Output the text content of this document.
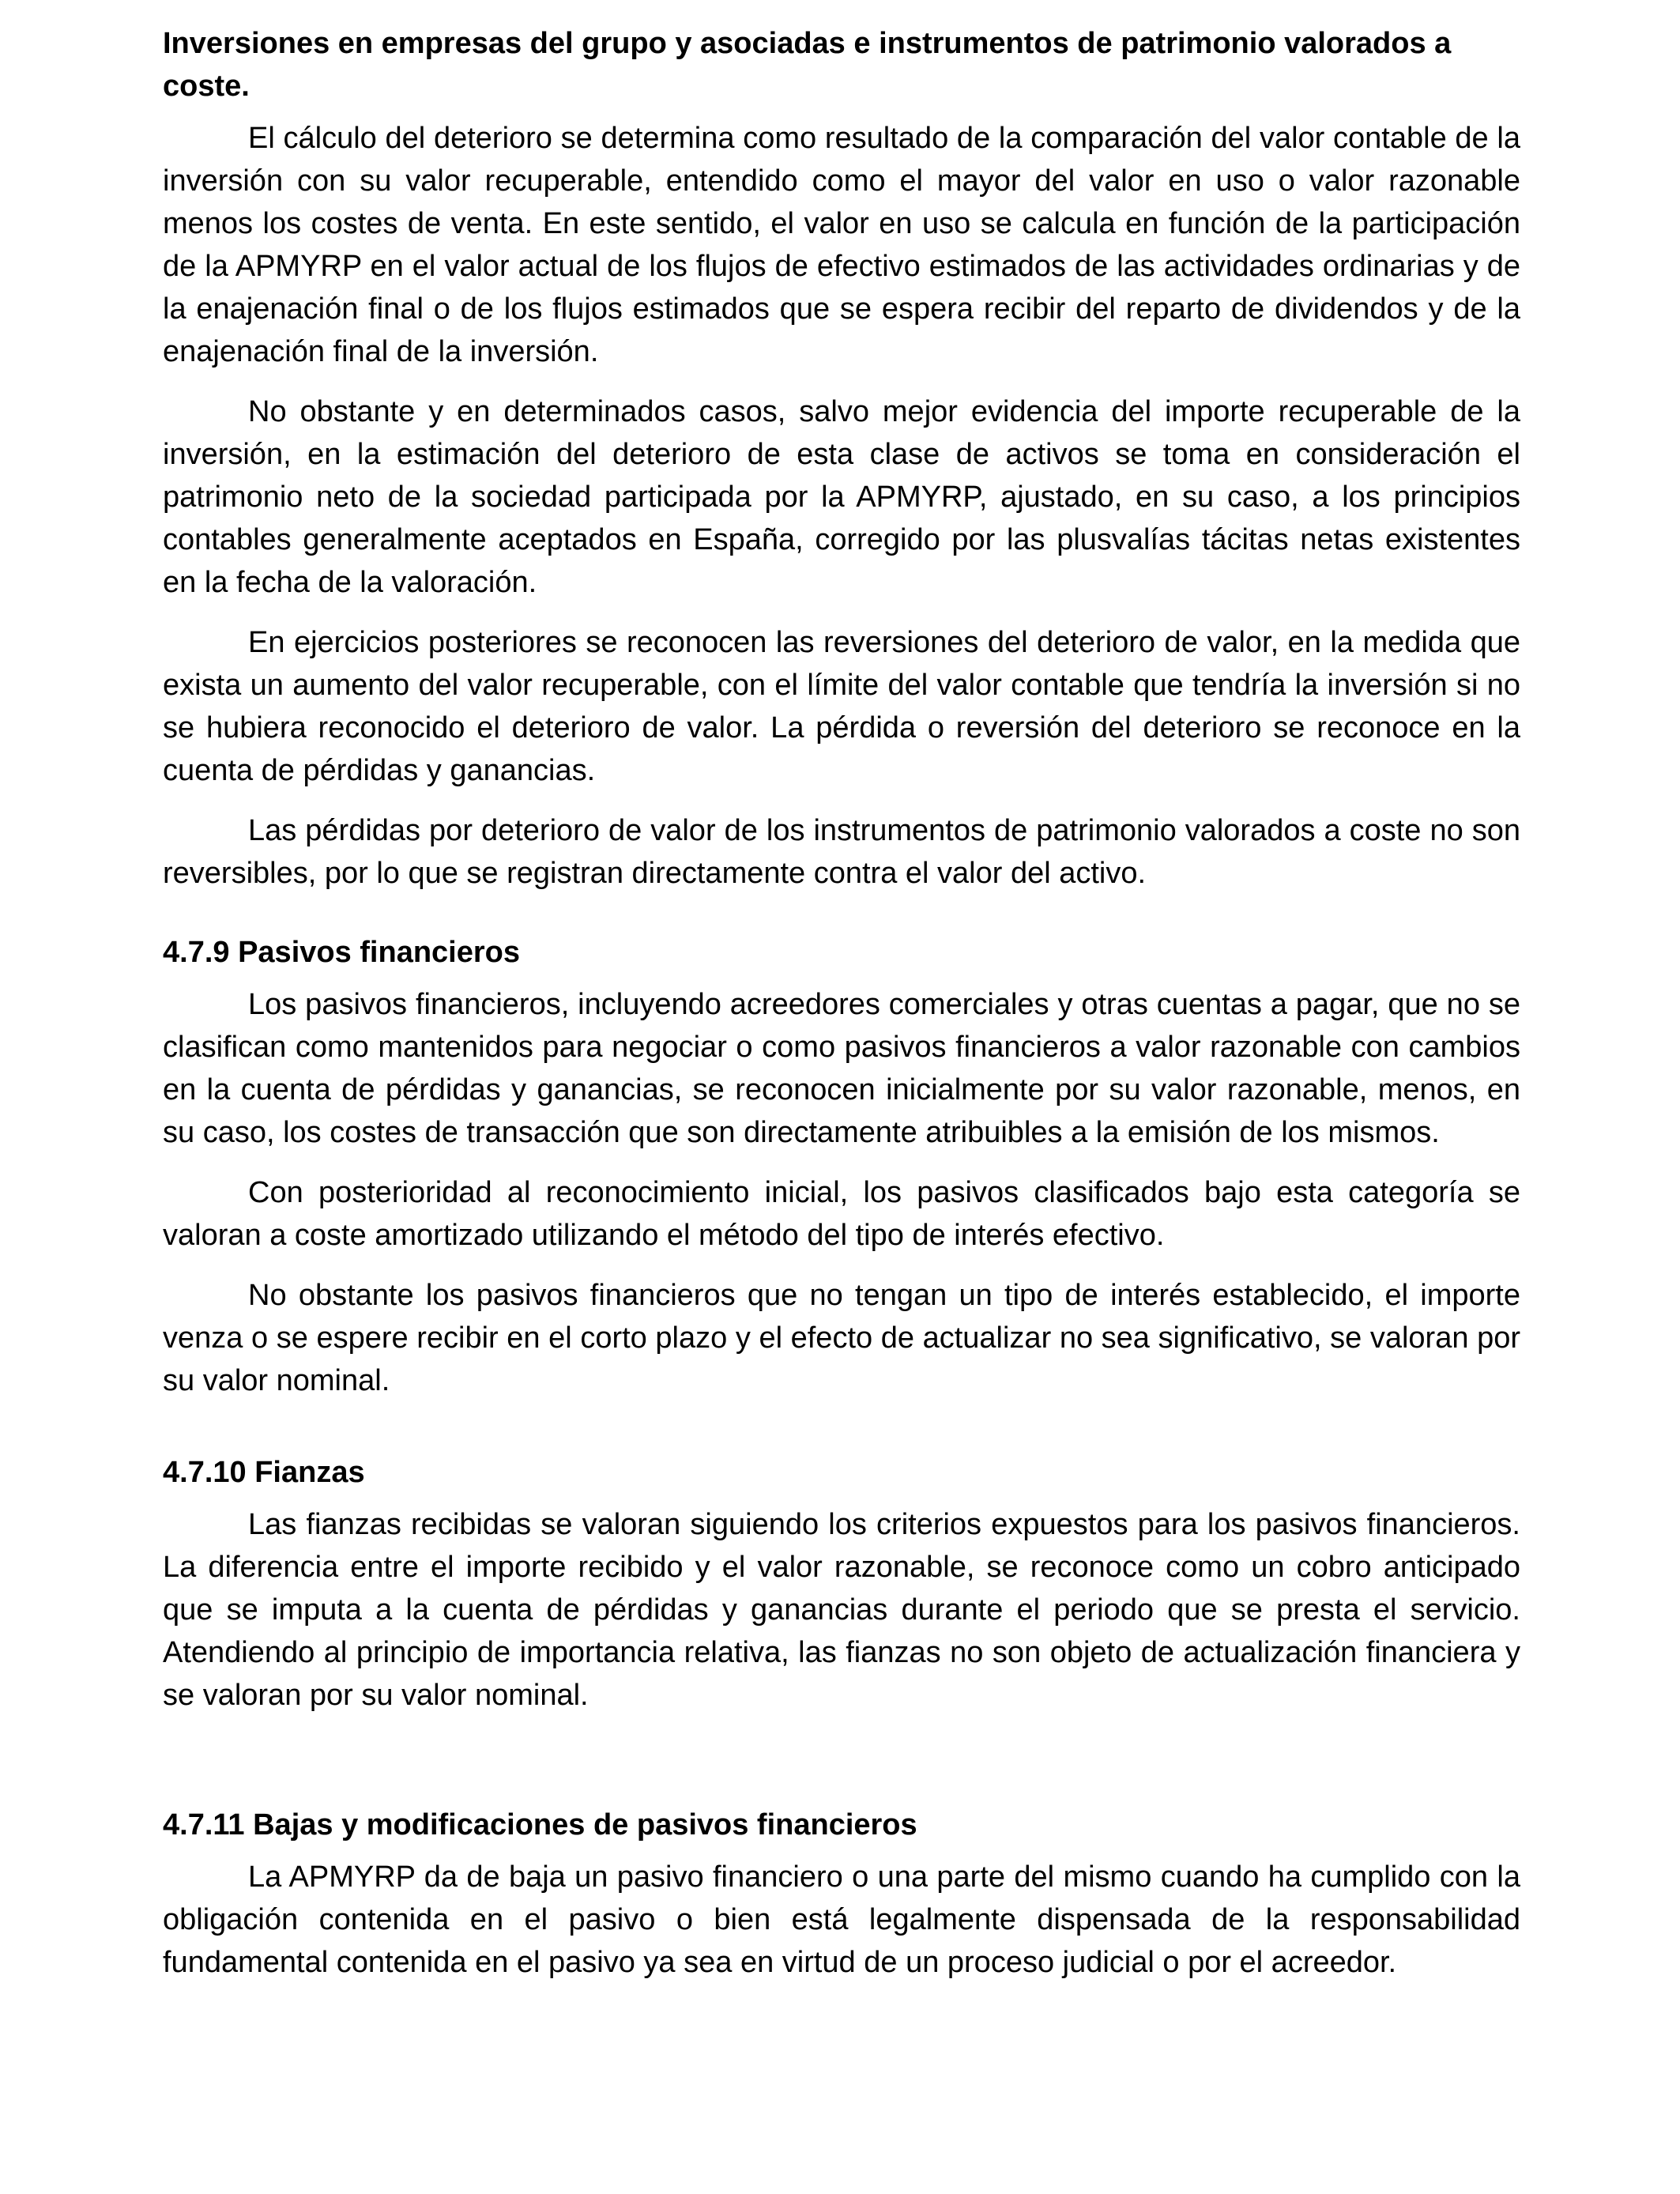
Inversiones en empresas del grupo y asociadas e instrumentos de patrimonio valorados a coste.

El cálculo del deterioro se determina como resultado de la comparación del valor contable de la inversión con su valor recuperable, entendido como el mayor del valor en uso o valor razonable menos los costes de venta. En este sentido, el valor en uso se calcula en función de la participación de la APMYRP en el valor actual de los flujos de efectivo estimados de las actividades ordinarias y de la enajenación final o de los flujos estimados que se espera recibir del reparto de dividendos y de la enajenación final de la inversión.

No obstante y en determinados casos, salvo mejor evidencia del importe recuperable de la inversión, en la estimación del deterioro de esta clase de activos se toma en consideración el patrimonio neto de la sociedad participada por la APMYRP, ajustado, en su caso, a los principios contables generalmente aceptados en España, corregido por las plusvalías tácitas netas existentes en la fecha de la valoración.

En ejercicios posteriores se reconocen las reversiones del deterioro de valor, en la medida que exista un aumento del valor recuperable, con el límite del valor contable que tendría la inversión si no se hubiera reconocido el deterioro de valor. La pérdida o reversión del deterioro se reconoce en la cuenta de pérdidas y ganancias.

Las pérdidas por deterioro de valor de los instrumentos de patrimonio valorados a coste no son reversibles, por lo que se registran directamente contra el valor del activo.

4.7.9 Pasivos financieros

Los pasivos financieros, incluyendo acreedores comerciales y otras cuentas a pagar, que no se clasifican como mantenidos para negociar o como pasivos financieros a valor razonable con cambios en la cuenta de pérdidas y ganancias, se reconocen inicialmente por su valor razonable, menos, en su caso, los costes de transacción que son directamente atribuibles a la emisión de los mismos.

Con posterioridad al reconocimiento inicial, los pasivos clasificados bajo esta categoría se valoran a coste amortizado utilizando el método del tipo de interés efectivo.

No obstante los pasivos financieros que no tengan un tipo de interés establecido, el importe venza o se espere recibir en el corto plazo y el efecto de actualizar no sea significativo, se valoran por su valor nominal.

4.7.10 Fianzas

Las fianzas recibidas se valoran siguiendo los criterios expuestos para los pasivos financieros. La diferencia entre el importe recibido y el valor razonable, se reconoce como un cobro anticipado que se imputa a la cuenta de pérdidas y ganancias durante el periodo que se presta el servicio. Atendiendo al principio de importancia relativa, las fianzas no son objeto de actualización financiera y se valoran por su valor nominal.

4.7.11 Bajas y modificaciones de pasivos financieros

La APMYRP da de baja un pasivo financiero o una parte del mismo cuando ha cumplido con la obligación contenida en el pasivo o bien está legalmente dispensada de la responsabilidad fundamental contenida en el pasivo ya sea en virtud de un proceso judicial o por el acreedor.
